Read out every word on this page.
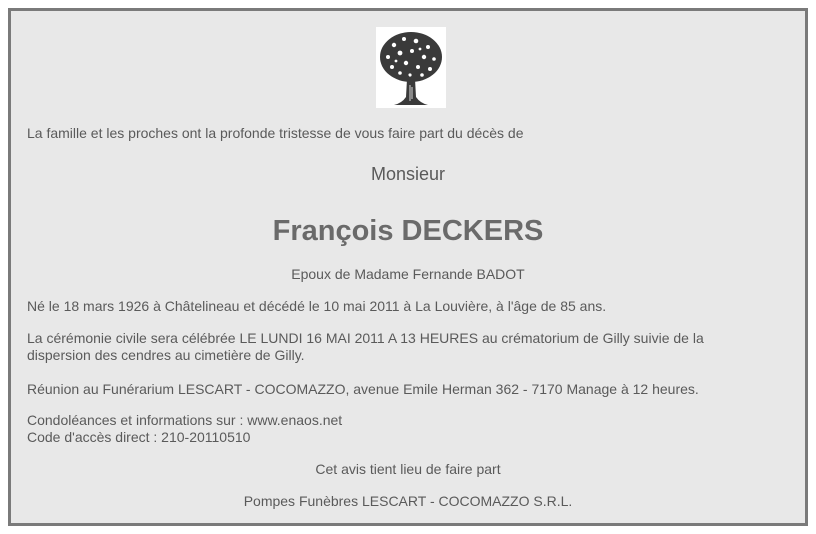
La famille et les proches ont la profonde tristesse de vous faire part du décès de
Monsieur
François DECKERS
Epoux de Madame Fernande BADOT
Né le 18 mars 1926 à Châtelineau et décédé le 10 mai 2011 à La Louvière, à l'âge de 85 ans.
La cérémonie civile sera célébrée LE LUNDI 16 MAI 2011 A 13 HEURES au crématorium de Gilly suivie de la
dispersion des cendres au cimetière de Gilly.
Réunion au Funérarium LESCART - COCOMAZZO, avenue Emile Herman 362 - 7170 Manage à 12 heures.
Condoléances et informations sur : www.enaos.net
Code d'accès direct : 210-20110510
Cet avis tient lieu de faire part
Pompes Funèbres LESCART - COCOMAZZO S.R.L.
